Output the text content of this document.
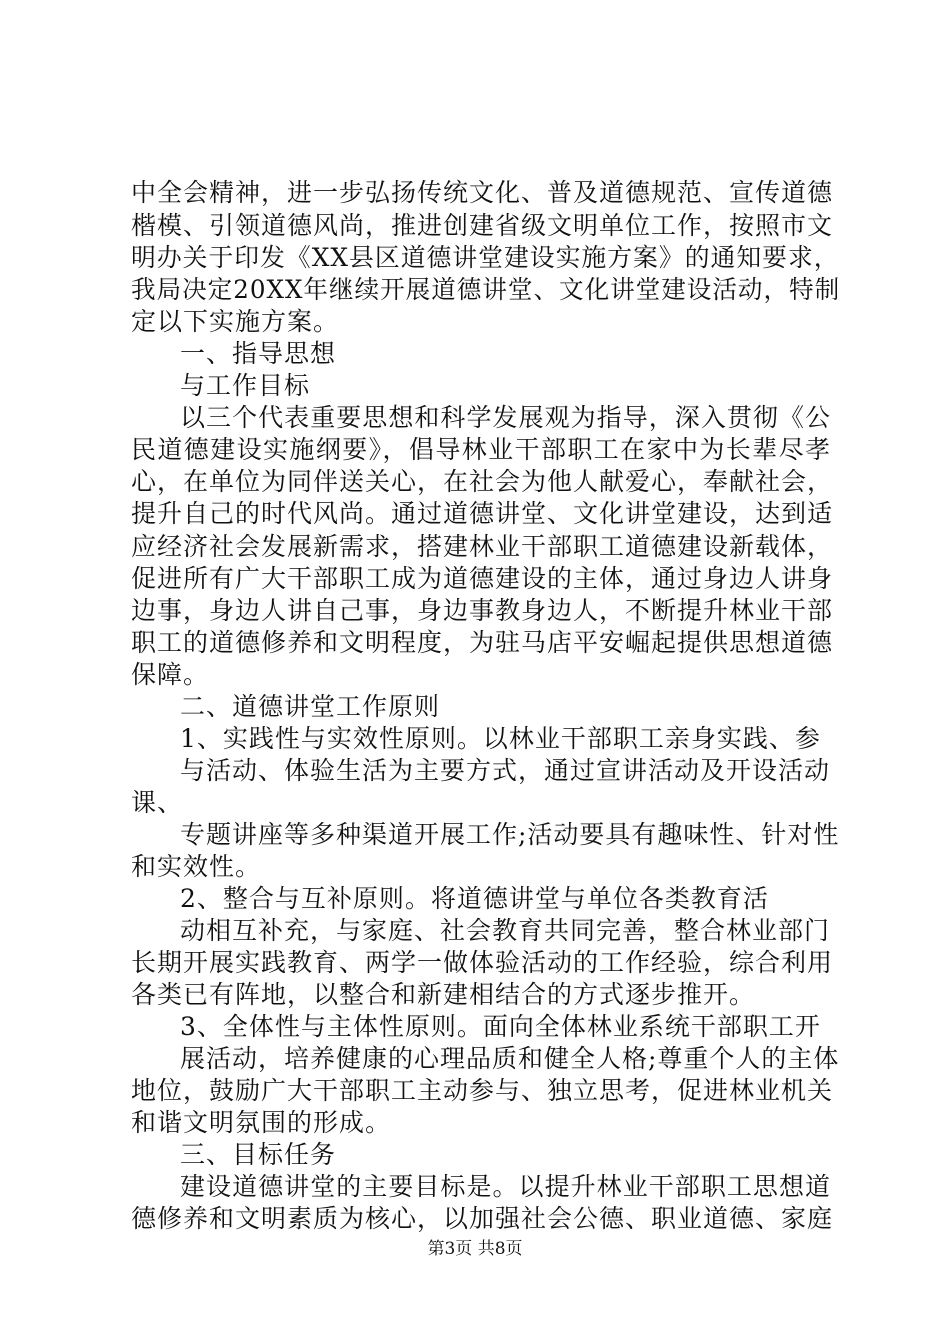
中全会精神，进一步弘扬传统文化、普及道德规范、宣传道德
楷模、引领道德风尚，推进创建省级文明单位工作，按照市文
明办关于印发《XX县区道德讲堂建设实施方案》的通知要求，
我局决定20XX年继续开展道德讲堂、文化讲堂建设活动，特制
定以下实施方案。
一、指导思想
与工作目标
以三个代表重要思想和科学发展观为指导，深入贯彻《公
民道德建设实施纲要》，倡导林业干部职工在家中为长辈尽孝
心，在单位为同伴送关心，在社会为他人献爱心，奉献社会，
提升自己的时代风尚。通过道德讲堂、文化讲堂建设，达到适
应经济社会发展新需求，搭建林业干部职工道德建设新载体，
促进所有广大干部职工成为道德建设的主体，通过身边人讲身
边事，身边人讲自己事，身边事教身边人，不断提升林业干部
职工的道德修养和文明程度，为驻马店平安崛起提供思想道德
保障。
二、道德讲堂工作原则
1、实践性与实效性原则。以林业干部职工亲身实践、参
与活动、体验生活为主要方式，通过宣讲活动及开设活动
课、
专题讲座等多种渠道开展工作;活动要具有趣味性、针对性
和实效性。
2、整合与互补原则。将道德讲堂与单位各类教育活
动相互补充，与家庭、社会教育共同完善，整合林业部门
长期开展实践教育、两学一做体验活动的工作经验，综合利用
各类已有阵地，以整合和新建相结合的方式逐步推开。
3、全体性与主体性原则。面向全体林业系统干部职工开
展活动，培养健康的心理品质和健全人格;尊重个人的主体
地位，鼓励广大干部职工主动参与、独立思考，促进林业机关
和谐文明氛围的形成。
三、目标任务
建设道德讲堂的主要目标是。以提升林业干部职工思想道
德修养和文明素质为核心，以加强社会公德、职业道德、家庭
第3页 共8页
